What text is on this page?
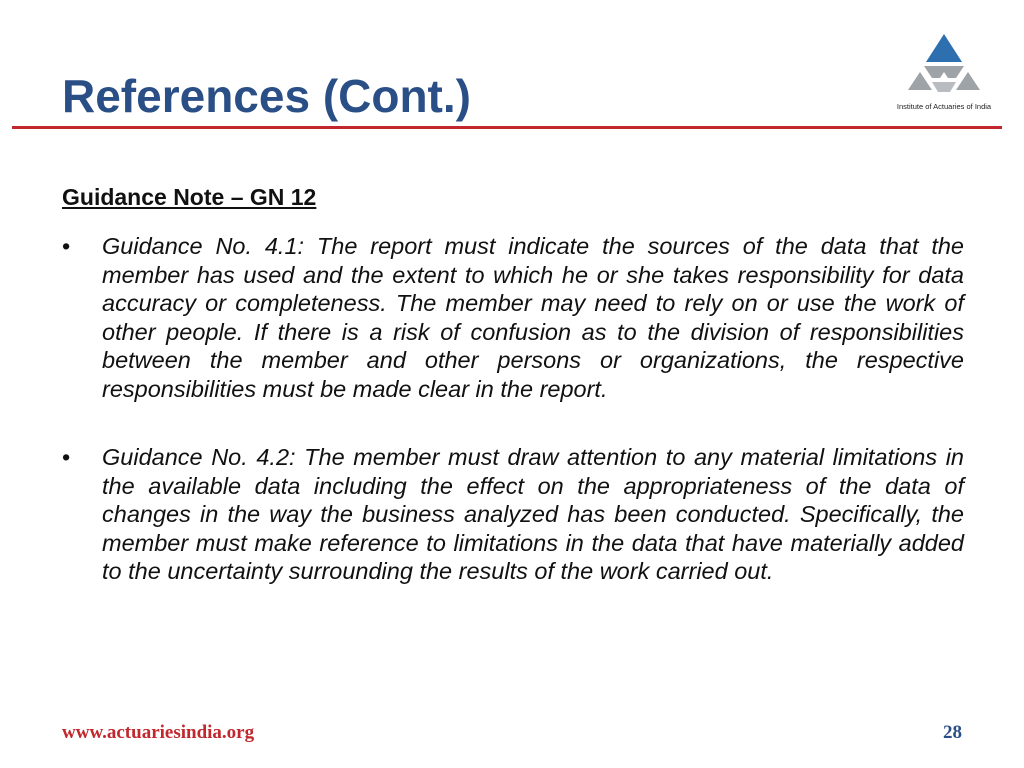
References (Cont.)	Institute of Actuaries of India
Guidance Note – GN 12
• Guidance No. 4.1: The report must indicate the sources of the data that the member has used and the extent to which he or she takes responsibility for data accuracy or completeness. The member may need to rely on or use the work of other people. If there is a risk of confusion as to the division of responsibilities between the member and other persons or organizations, the respective responsibilities must be made clear in the report.
• Guidance No. 4.2: The member must draw attention to any material limitations in the available data including the effect on the appropriateness of the data of changes in the way the business analyzed has been conducted. Specifically, the member must make reference to limitations in the data that have materially added to the uncertainty surrounding the results of the work carried out.
www.actuariesindia.org	28
